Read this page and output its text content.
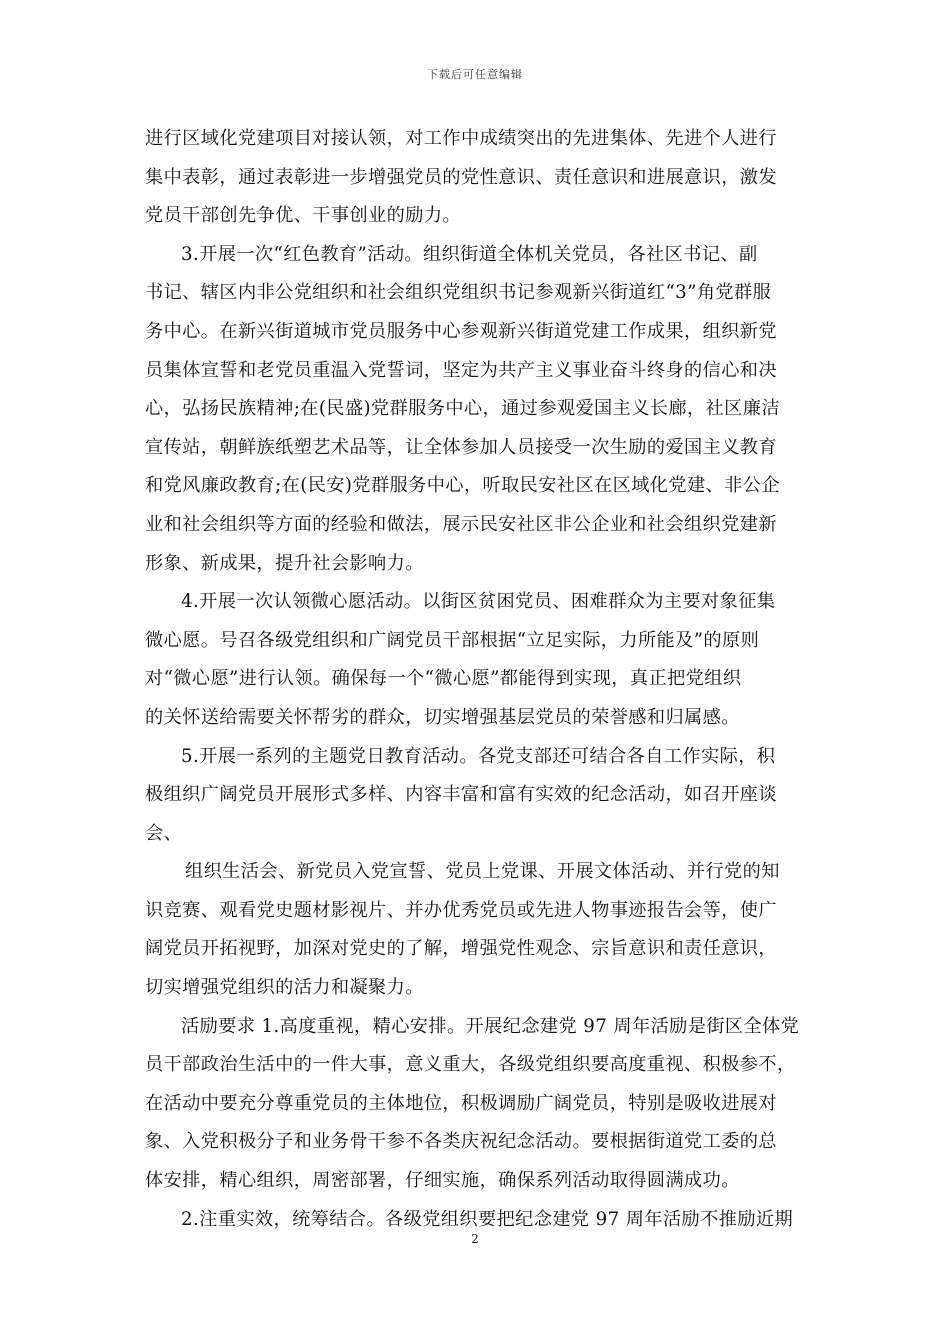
下载后可任意编辑
进行区域化党建项目对接认领，对工作中成绩突出的先进集体、先进个人进行
集中表彰，通过表彰进一步增强党员的党性意识、责任意识和进展意识，激发
党员干部创先争优、干事创业的励力。
3.开展一次“红色教育”活动。组织街道全体机关党员，各社区书记、副
书记、辖区内非公党组织和社会组织党组织书记参观新兴街道红“3”角党群服
务中心。在新兴街道城市党员服务中心参观新兴街道党建工作成果，组织新党
员集体宣誓和老党员重温入党誓词，坚定为共产主义事业奋斗终身的信心和决
心，弘扬民族精神;在(民盛)党群服务中心，通过参观爱国主义长廊，社区廉洁
宣传站，朝鲜族纸塑艺术品等，让全体参加人员接受一次生励的爱国主义教育
和党风廉政教育;在(民安)党群服务中心，听取民安社区在区域化党建、非公企
业和社会组织等方面的经验和做法，展示民安社区非公企业和社会组织党建新
形象、新成果，提升社会影响力。
4.开展一次认领微心愿活动。以街区贫困党员、困难群众为主要对象征集
微心愿。号召各级党组织和广阔党员干部根据“立足实际，力所能及”的原则
对“微心愿”进行认领。确保每一个“微心愿”都能得到实现，真正把党组织
的关怀送给需要关怀帮劣的群众，切实增强基层党员的荣誉感和归属感。
5.开展一系列的主题党日教育活动。各党支部还可结合各自工作实际，积
极组织广阔党员开展形式多样、内容丰富和富有实效的纪念活动，如召开座谈
会、
组织生活会、新党员入党宣誓、党员上党课、开展文体活动、并行党的知
识竞赛、观看党史题材影视片、并办优秀党员或先进人物事迹报告会等，使广
阔党员开拓视野，加深对党史的了解，增强党性观念、宗旨意识和责任意识，
切实增强党组织的活力和凝聚力。
活励要求 1.高度重视，精心安排。开展纪念建党 97 周年活励是街区全体党
员干部政治生活中的一件大事，意义重大，各级党组织要高度重视、积极参不，
在活动中要充分尊重党员的主体地位，积极调励广阔党员，特别是吸收进展对
象、入党积极分子和业务骨干参不各类庆祝纪念活动。要根据街道党工委的总
体安排，精心组织，周密部署，仔细实施，确保系列活动取得圆满成功。
2.注重实效，统筹结合。各级党组织要把纪念建党 97 周年活励不推励近期
2
